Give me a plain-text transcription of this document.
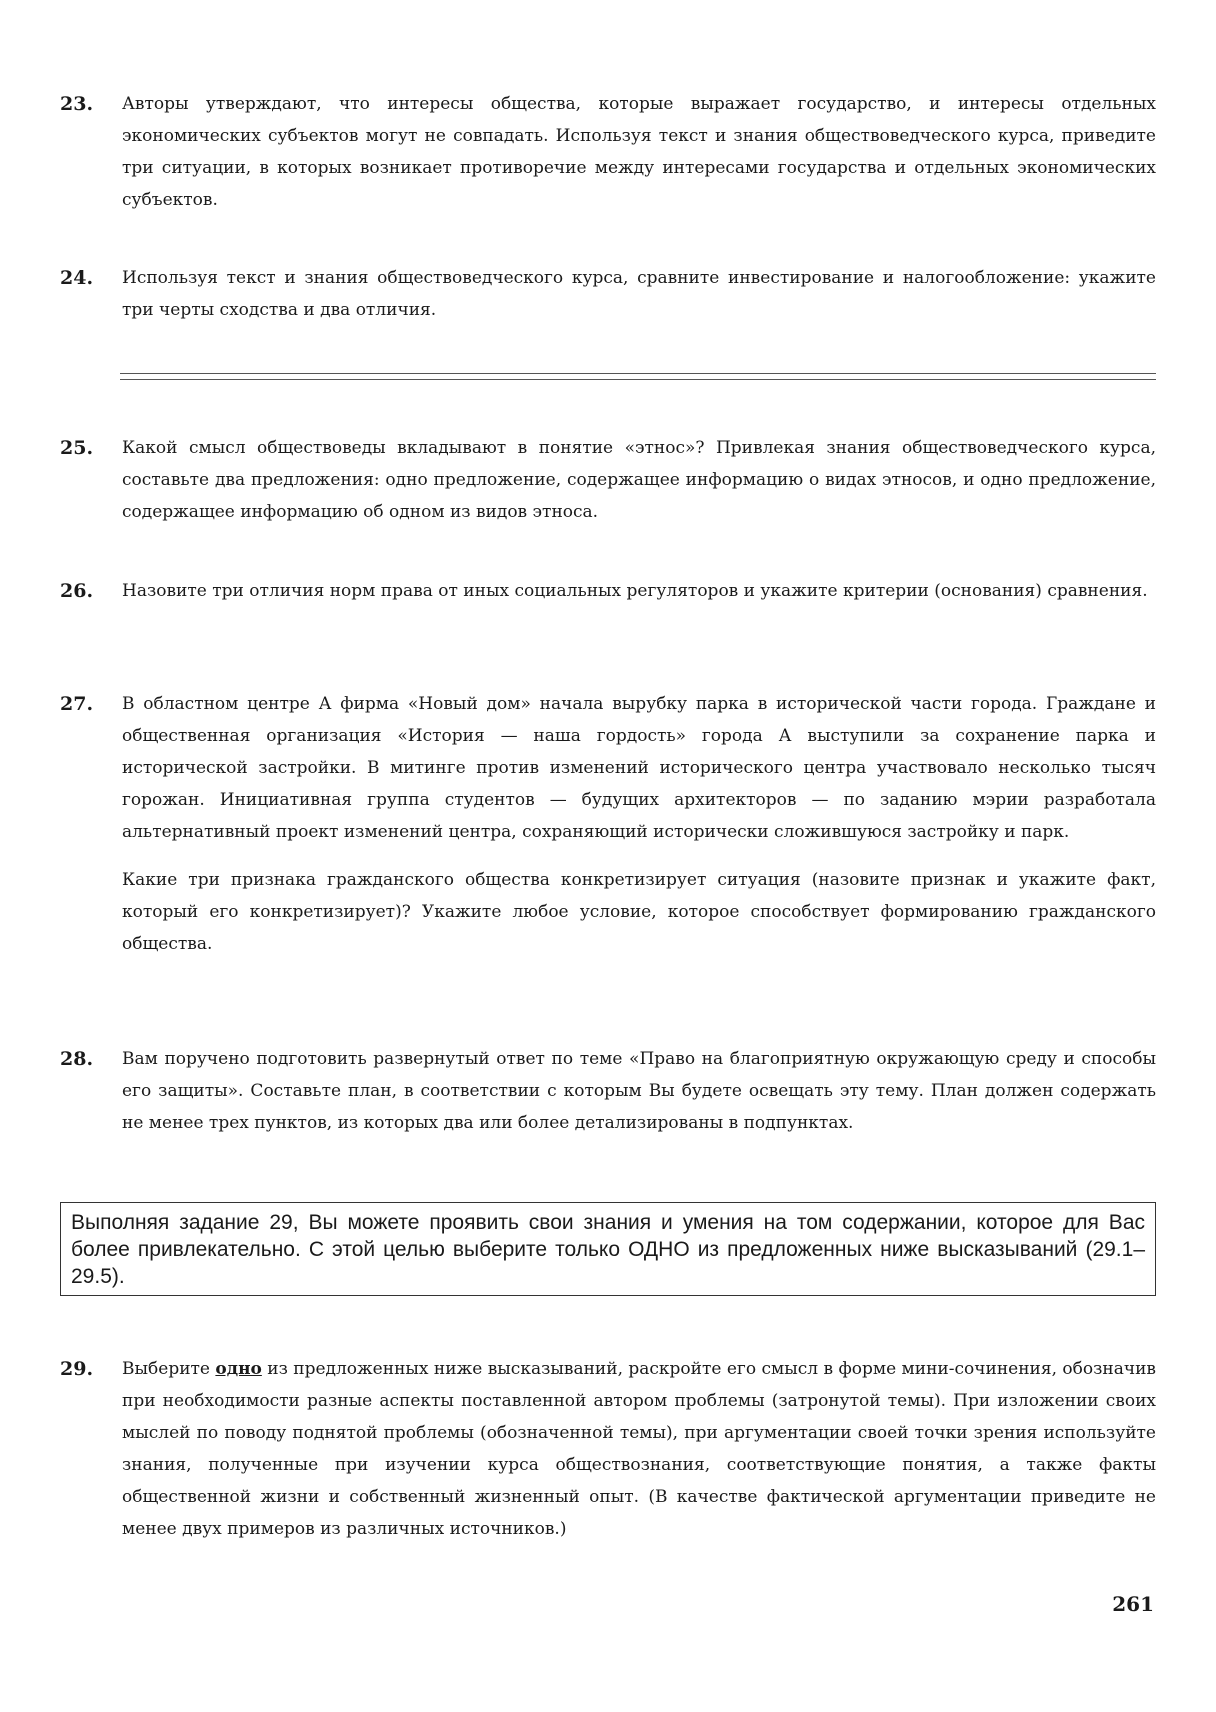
23. Авторы утверждают, что интересы общества, которые выражает государство, и интересы отдельных экономических субъектов могут не совпадать. Используя текст и знания обществоведческого курса, приведите три ситуации, в которых возникает противоречие между интересами государства и отдельных экономических субъектов.

24. Используя текст и знания обществоведческого курса, сравните инвестирование и налогообложение: укажите три черты сходства и два отличия.

25. Какой смысл обществоведы вкладывают в понятие «этнос»? Привлекая знания обществоведческого курса, составьте два предложения: одно предложение, содержащее информацию о видах этносов, и одно предложение, содержащее информацию об одном из видов этноса.

26. Назовите три отличия норм права от иных социальных регуляторов и укажите критерии (основания) сравнения.

27. В областном центре А фирма «Новый дом» начала вырубку парка в исторической части города. Граждане и общественная организация «История — наша гордость» города А выступили за сохранение парка и исторической застройки. В митинге против изменений исторического центра участвовало несколько тысяч горожан. Инициативная группа студентов — будущих архитекторов — по заданию мэрии разработала альтернативный проект изменений центра, сохраняющий исторически сложившуюся застройку и парк.

Какие три признака гражданского общества конкретизирует ситуация (назовите признак и укажите факт, который его конкретизирует)? Укажите любое условие, которое способствует формированию гражданского общества.

28. Вам поручено подготовить развернутый ответ по теме «Право на благоприятную окружающую среду и способы его защиты». Составьте план, в соответствии с которым Вы будете освещать эту тему. План должен содержать не менее трех пунктов, из которых два или более детализированы в подпунктах.

Выполняя задание 29, Вы можете проявить свои знания и умения на том содержании, которое для Вас более привлекательно. С этой целью выберите только ОДНО из предложенных ниже высказываний (29.1–29.5).
29. Выберите одно из предложенных ниже высказываний, раскройте его смысл в форме мини-сочинения, обозначив при необходимости разные аспекты поставленной автором проблемы (затронутой темы). При изложении своих мыслей по поводу поднятой проблемы (обозначенной темы), при аргументации своей точки зрения используйте знания, полученные при изучении курса обществознания, соответствующие понятия, а также факты общественной жизни и собственный жизненный опыт. (В качестве фактической аргументации приведите не менее двух примеров из различных источников.)

261
